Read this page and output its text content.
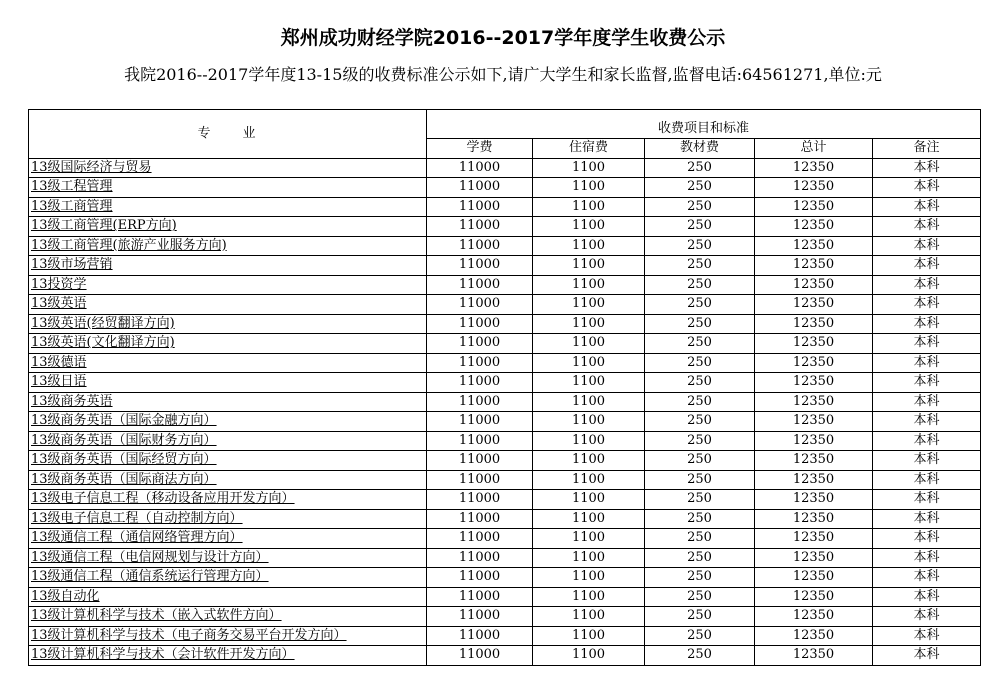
郑州成功财经学院2016--2017学年度学生收费公示
我院2016--2017学年度13-15级的收费标准公示如下,请广大学生和家长监督,监督电话:64561271,单位:元
专　　业	收费项目和标准				
	学费	住宿费	教材费	总计	备注
13级国际经济与贸易	11000	1100	250	12350	本科
13级工程管理	11000	1100	250	12350	本科
13级工商管理	11000	1100	250	12350	本科
13级工商管理(ERP方向)	11000	1100	250	12350	本科
13级工商管理(旅游产业服务方向)	11000	1100	250	12350	本科
13级市场营销	11000	1100	250	12350	本科
13投资学	11000	1100	250	12350	本科
13级英语	11000	1100	250	12350	本科
13级英语(经贸翻译方向)	11000	1100	250	12350	本科
13级英语(文化翻译方向)	11000	1100	250	12350	本科
13级德语	11000	1100	250	12350	本科
13级日语	11000	1100	250	12350	本科
13级商务英语	11000	1100	250	12350	本科
13级商务英语（国际金融方向）	11000	1100	250	12350	本科
13级商务英语（国际财务方向）	11000	1100	250	12350	本科
13级商务英语（国际经贸方向）	11000	1100	250	12350	本科
13级商务英语（国际商法方向）	11000	1100	250	12350	本科
13级电子信息工程（移动设备应用开发方向）	11000	1100	250	12350	本科
13级电子信息工程（自动控制方向）	11000	1100	250	12350	本科
13级通信工程（通信网络管理方向）	11000	1100	250	12350	本科
13级通信工程（电信网规划与设计方向）	11000	1100	250	12350	本科
13级通信工程（通信系统运行管理方向）	11000	1100	250	12350	本科
13级自动化	11000	1100	250	12350	本科
13级计算机科学与技术（嵌入式软件方向）	11000	1100	250	12350	本科
13级计算机科学与技术（电子商务交易平台开发方向）	11000	1100	250	12350	本科
13级计算机科学与技术（会计软件开发方向）	11000	1100	250	12350	本科
